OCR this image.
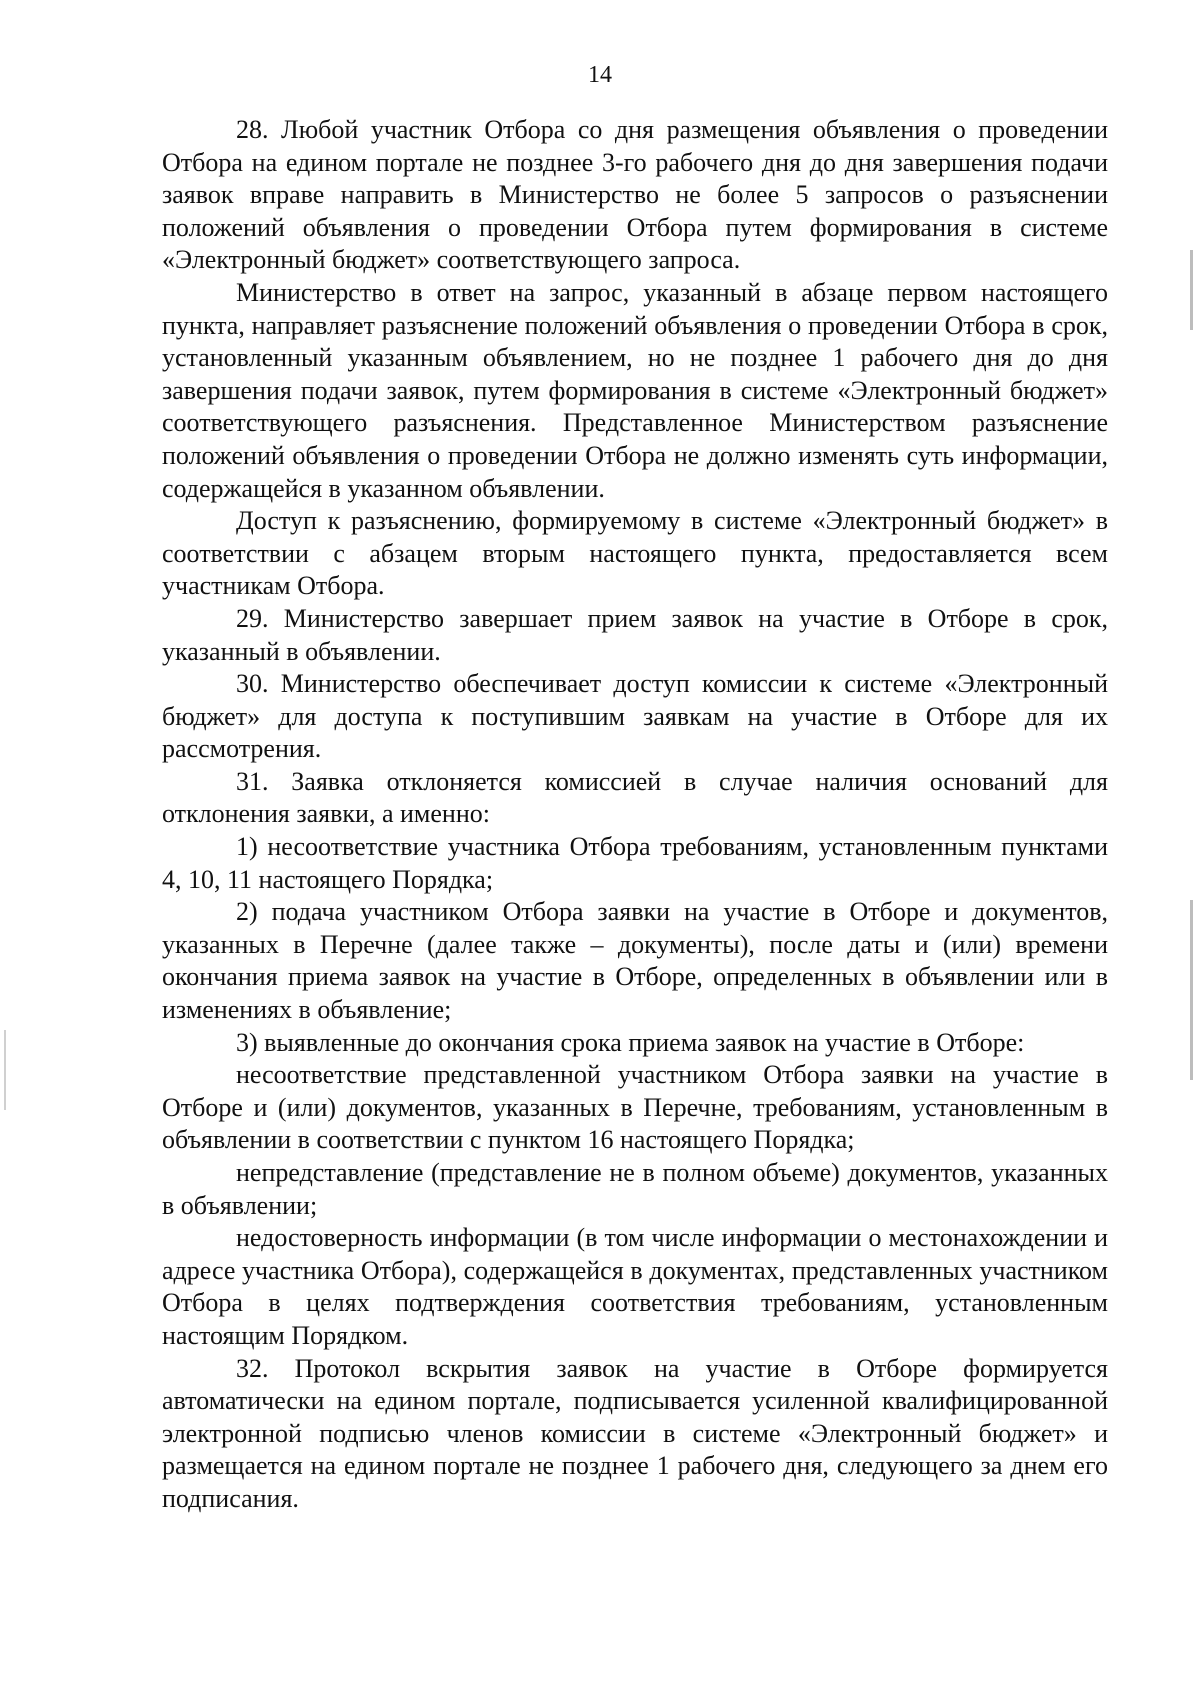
14

28. Любой участник Отбора со дня размещения объявления о проведении Отбора на едином портале не позднее 3-го рабочего дня до дня завершения подачи заявок вправе направить в Министерство не более 5 запросов о разъяснении положений объявления о проведении Отбора путем формирования в системе «Электронный бюджет» соответствующего запроса.

Министерство в ответ на запрос, указанный в абзаце первом настоящего пункта, направляет разъяснение положений объявления о проведении Отбора в срок, установленный указанным объявлением, но не позднее 1 рабочего дня до дня завершения подачи заявок, путем формирования в системе «Электронный бюджет» соответствующего разъяснения. Представленное Министерством разъяснение положений объявления о проведении Отбора не должно изменять суть информации, содержащейся в указанном объявлении.

Доступ к разъяснению, формируемому в системе «Электронный бюджет» в соответствии с абзацем вторым настоящего пункта, предоставляется всем участникам Отбора.

29. Министерство завершает прием заявок на участие в Отборе в срок, указанный в объявлении.

30. Министерство обеспечивает доступ комиссии к системе «Электронный бюджет» для доступа к поступившим заявкам на участие в Отборе для их рассмотрения.

31. Заявка отклоняется комиссией в случае наличия оснований для отклонения заявки, а именно:

1) несоответствие участника Отбора требованиям, установленным пунктами 4, 10, 11 настоящего Порядка;

2) подача участником Отбора заявки на участие в Отборе и документов, указанных в Перечне (далее также – документы), после даты и (или) времени окончания приема заявок на участие в Отборе, определенных в объявлении или в изменениях в объявление;

3) выявленные до окончания срока приема заявок на участие в Отборе:

несоответствие представленной участником Отбора заявки на участие в Отборе и (или) документов, указанных в Перечне, требованиям, установленным в объявлении в соответствии с пунктом 16 настоящего Порядка;

непредставление (представление не в полном объеме) документов, указанных в объявлении;

недостоверность информации (в том числе информации о местонахождении и адресе участника Отбора), содержащейся в документах, представленных участником Отбора в целях подтверждения соответствия требованиям, установленным настоящим Порядком.

32. Протокол вскрытия заявок на участие в Отборе формируется автоматически на едином портале, подписывается усиленной квалифицированной электронной подписью членов комиссии в системе «Электронный бюджет» и размещается на едином портале не позднее 1 рабочего дня, следующего за днем его подписания.
